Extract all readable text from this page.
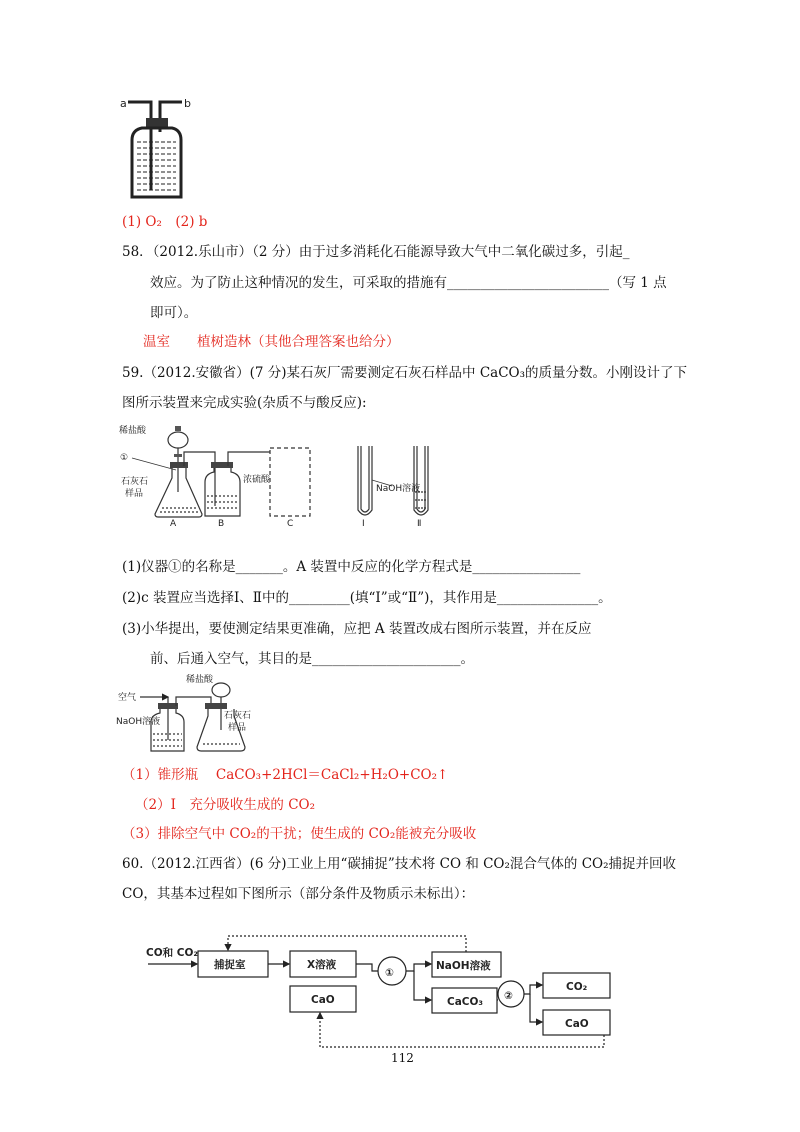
a	b
稀盐酸
①
石灰石
样品
浓硫酸
NaOH溶液
A	B	C	Ⅰ	Ⅱ
稀盐酸
空气
NaOH溶液
石灰石
样品
CO和 CO₂
捕捉室	X溶液
CaO
①
NaOH溶液
CaCO₃ ②
CO₂
CaO
(1) O₂　(2) b
58．（2012.乐山市）（2 分）由于过多消耗化石能源导致大气中二氧化碳过多，引起_
效应。为了防止这种情况的发生，可采取的措施有________________________（写 1 点
即可）。
温室　　植树造林（其他合理答案也给分）
59.（2012.安徽省）(7 分)某石灰厂需要测定石灰石样品中 CaCO₃的质量分数。小刚设计了下
图所示装置来完成实验(杂质不与酸反应):
(1)仪器①的名称是_______。A 装置中反应的化学方程式是________________
(2)c 装置应当选择Ⅰ、Ⅱ中的_________(填“Ⅰ”或“Ⅱ”)，其作用是_______________。
(3)小华提出，要使测定结果更准确，应把 A 装置改成右图所示装置，并在反应
前、后通入空气，其目的是______________________。
（1）锥形瓶　 CaCO₃+2HCl＝CaCl₂+H₂O+CO₂↑
（2）I　充分吸收生成的 CO₂
（3）排除空气中 CO₂的干扰；使生成的 CO₂能被充分吸收
60.（2012.江西省）(6 分)工业上用“碳捕捉”技术将 CO 和 CO₂混合气体的 CO₂捕捉并回收
CO，其基本过程如下图所示（部分条件及物质示未标出）：
112
